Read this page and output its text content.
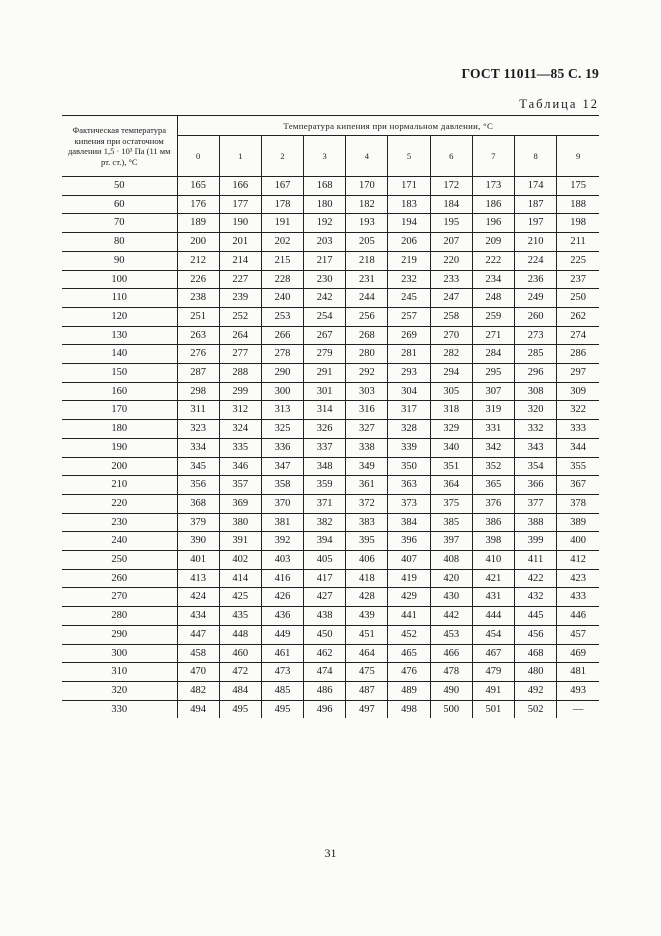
ГОСТ 11011—85 С. 19
Таблица 12
Фактическая температура кипения при остаточном давлении 1,5 · 10³ Па (11 мм рт. ст.), °С	Температура кипения при нормальном давлении, °С									
	0	1	2	3	4	5	6	7	8	9
50	165	166	167	168	170	171	172	173	174	175
60	176	177	178	180	182	183	184	186	187	188
70	189	190	191	192	193	194	195	196	197	198
80	200	201	202	203	205	206	207	209	210	211
90	212	214	215	217	218	219	220	222	224	225
100	226	227	228	230	231	232	233	234	236	237
110	238	239	240	242	244	245	247	248	249	250
120	251	252	253	254	256	257	258	259	260	262
130	263	264	266	267	268	269	270	271	273	274
140	276	277	278	279	280	281	282	284	285	286
150	287	288	290	291	292	293	294	295	296	297
160	298	299	300	301	303	304	305	307	308	309
170	311	312	313	314	316	317	318	319	320	322
180	323	324	325	326	327	328	329	331	332	333
190	334	335	336	337	338	339	340	342	343	344
200	345	346	347	348	349	350	351	352	354	355
210	356	357	358	359	361	363	364	365	366	367
220	368	369	370	371	372	373	375	376	377	378
230	379	380	381	382	383	384	385	386	388	389
240	390	391	392	394	395	396	397	398	399	400
250	401	402	403	405	406	407	408	410	411	412
260	413	414	416	417	418	419	420	421	422	423
270	424	425	426	427	428	429	430	431	432	433
280	434	435	436	438	439	441	442	444	445	446
290	447	448	449	450	451	452	453	454	456	457
300	458	460	461	462	464	465	466	467	468	469
310	470	472	473	474	475	476	478	479	480	481
320	482	484	485	486	487	489	490	491	492	493
330	494	495	495	496	497	498	500	501	502	—
31
